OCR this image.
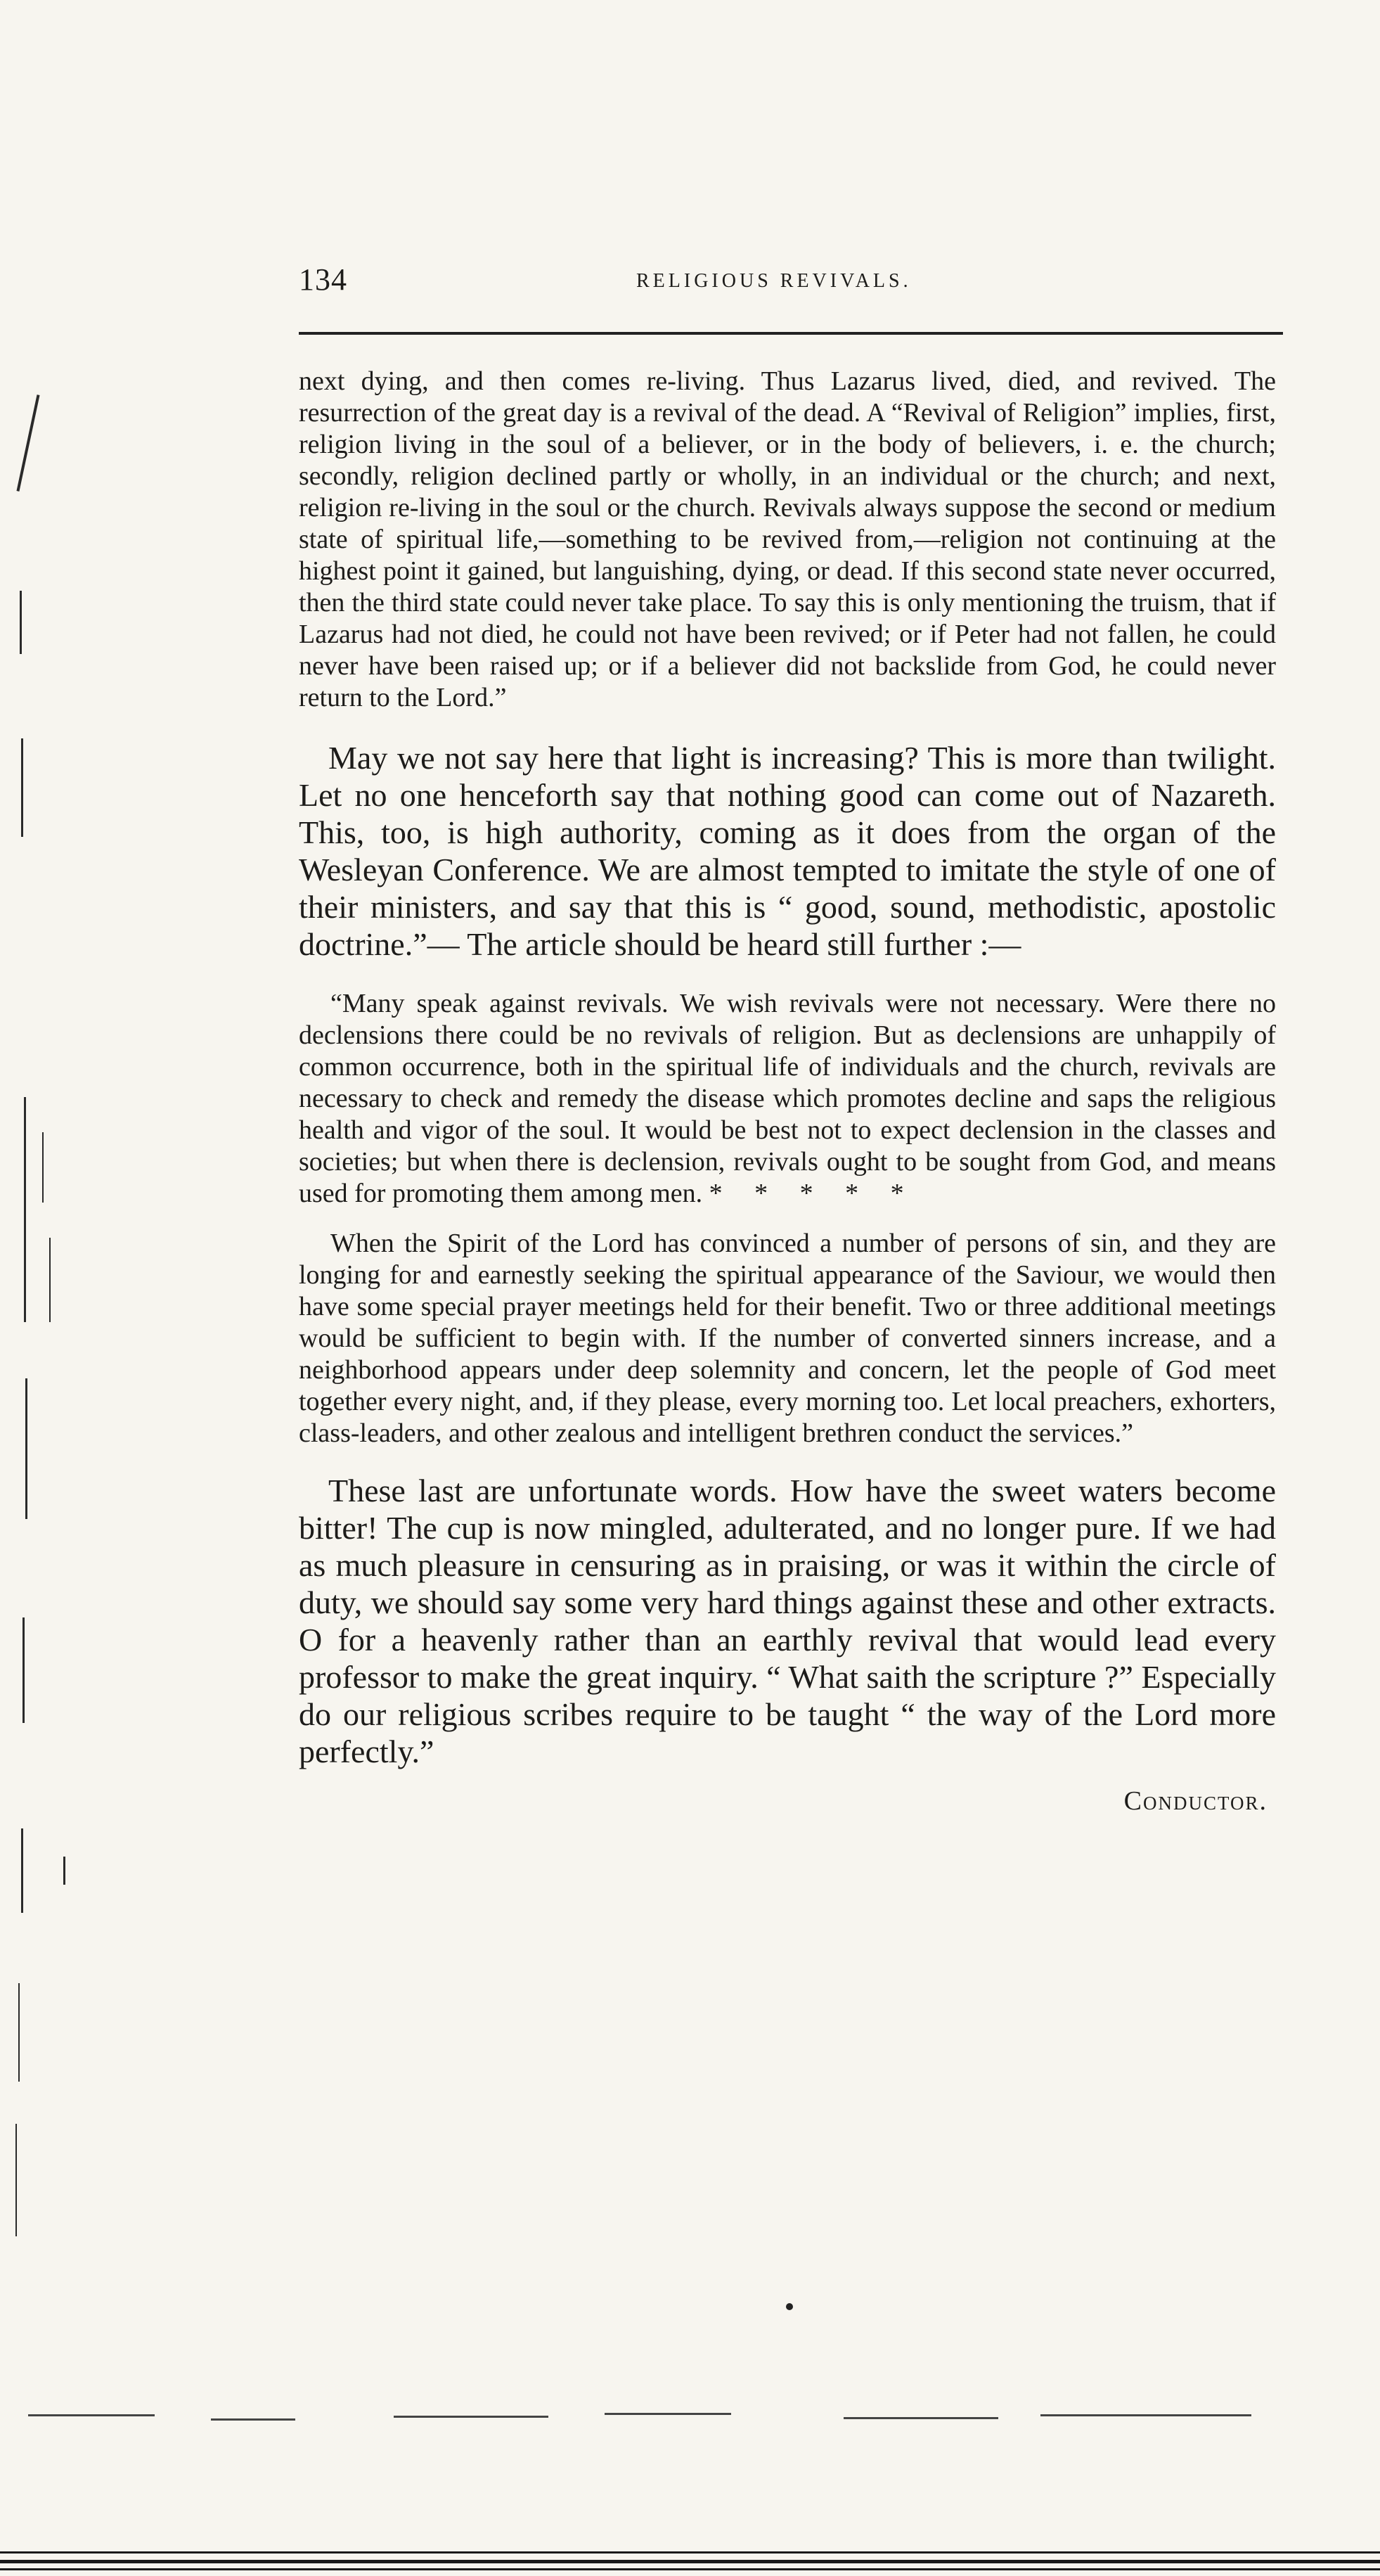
134	RELIGIOUS REVIVALS.

next dying, and then comes re-living. Thus Lazarus lived, died, and revived. The resurrection of the great day is a revival of the dead. A “Revival of Religion” implies, first, religion living in the soul of a believer, or in the body of believers, i. e. the church; secondly, religion declined partly or wholly, in an individual or the church; and next, religion re-living in the soul or the church. Revivals always suppose the second or medium state of spiritual life,—something to be revived from,—religion not continuing at the highest point it gained, but languishing, dying, or dead. If this second state never occurred, then the third state could never take place. To say this is only mentioning the truism, that if Lazarus had not died, he could not have been revived; or if Peter had not fallen, he could never have been raised up; or if a believer did not backslide from God, he could never return to the Lord.”

May we not say here that light is increasing? This is more than twilight. Let no one henceforth say that nothing good can come out of Nazareth. This, too, is high authority, coming as it does from the organ of the Wesleyan Conference. We are almost tempted to imitate the style of one of their ministers, and say that this is “ good, sound, methodistic, apostolic doctrine.”— The article should be heard still further :—

“Many speak against revivals. We wish revivals were not necessary. Were there no declensions there could be no revivals of religion. But as declensions are unhappily of common occurrence, both in the spiritual life of individuals and the church, revivals are necessary to check and remedy the disease which promotes decline and saps the religious health and vigor of the soul. It would be best not to expect declension in the classes and societies; but when there is declension, revivals ought to be sought from God, and means used for promoting them among men. * * * * *

When the Spirit of the Lord has convinced a number of persons of sin, and they are longing for and earnestly seeking the spiritual appearance of the Saviour, we would then have some special prayer meetings held for their benefit. Two or three additional meetings would be sufficient to begin with. If the number of converted sinners increase, and a neighborhood appears under deep solemnity and concern, let the people of God meet together every night, and, if they please, every morning too. Let local preachers, exhorters, class-leaders, and other zealous and intelligent brethren conduct the services.”

These last are unfortunate words. How have the sweet waters become bitter! The cup is now mingled, adulterated, and no longer pure. If we had as much pleasure in censuring as in praising, or was it within the circle of duty, we should say some very hard things against these and other extracts. O for a heavenly rather than an earthly revival that would lead every professor to make the great inquiry. “ What saith the scripture ?” Especially do our religious scribes require to be taught “ the way of the Lord more perfectly.”

Conductor.
